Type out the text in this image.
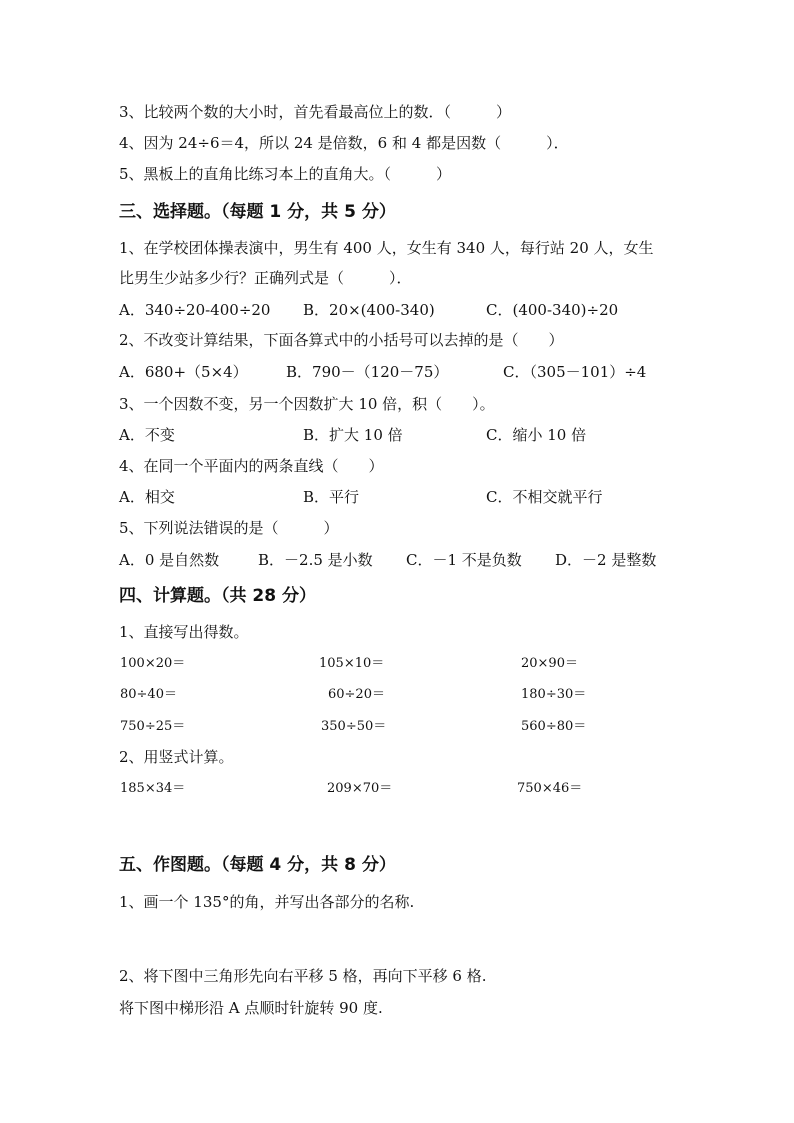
3、比较两个数的大小时，首先看最高位上的数．（　　　）
4、因为 24÷6＝4，所以 24 是倍数，6 和 4 都是因数（　　　）．
5、黑板上的直角比练习本上的直角大。（　　　）
三、选择题。（每题 1 分，共 5 分）
1、在学校团体操表演中，男生有 400 人，女生有 340 人，每行站 20 人，女生
比男生少站多少行？正确列式是（　　　）．
A．340÷20-400÷20 B．20×(400-340)	C．(400-340)÷20
2、不改变计算结果，下面各算式中的小括号可以去掉的是（　　）
A．680+（5×4）	B．790－（120－75）	C．（305－101）÷4
3、一个因数不变，另一个因数扩大 10 倍，积（　　）。
A．不变	B．扩大 10 倍	C．缩小 10 倍
4、在同一个平面内的两条直线（　　）
A．相交	B．平行	C．不相交就平行
5、下列说法错误的是（　　　）
A．0 是自然数	B．－2.5 是小数 C．－1 不是负数 D．－2 是整数
四、计算题。（共 28 分）
1、直接写出得数。
100×20＝	105×10＝	20×90＝
80÷40＝	60÷20＝	180÷30＝
750÷25＝	350÷50＝	560÷80＝
2、用竖式计算。
185×34＝	209×70＝	750×46＝
五、作图题。（每题 4 分，共 8 分）
1、画一个 135°的角，并写出各部分的名称.
2、将下图中三角形先向右平移 5 格，再向下平移 6 格.
将下图中梯形沿 A 点顺时针旋转 90 度.
